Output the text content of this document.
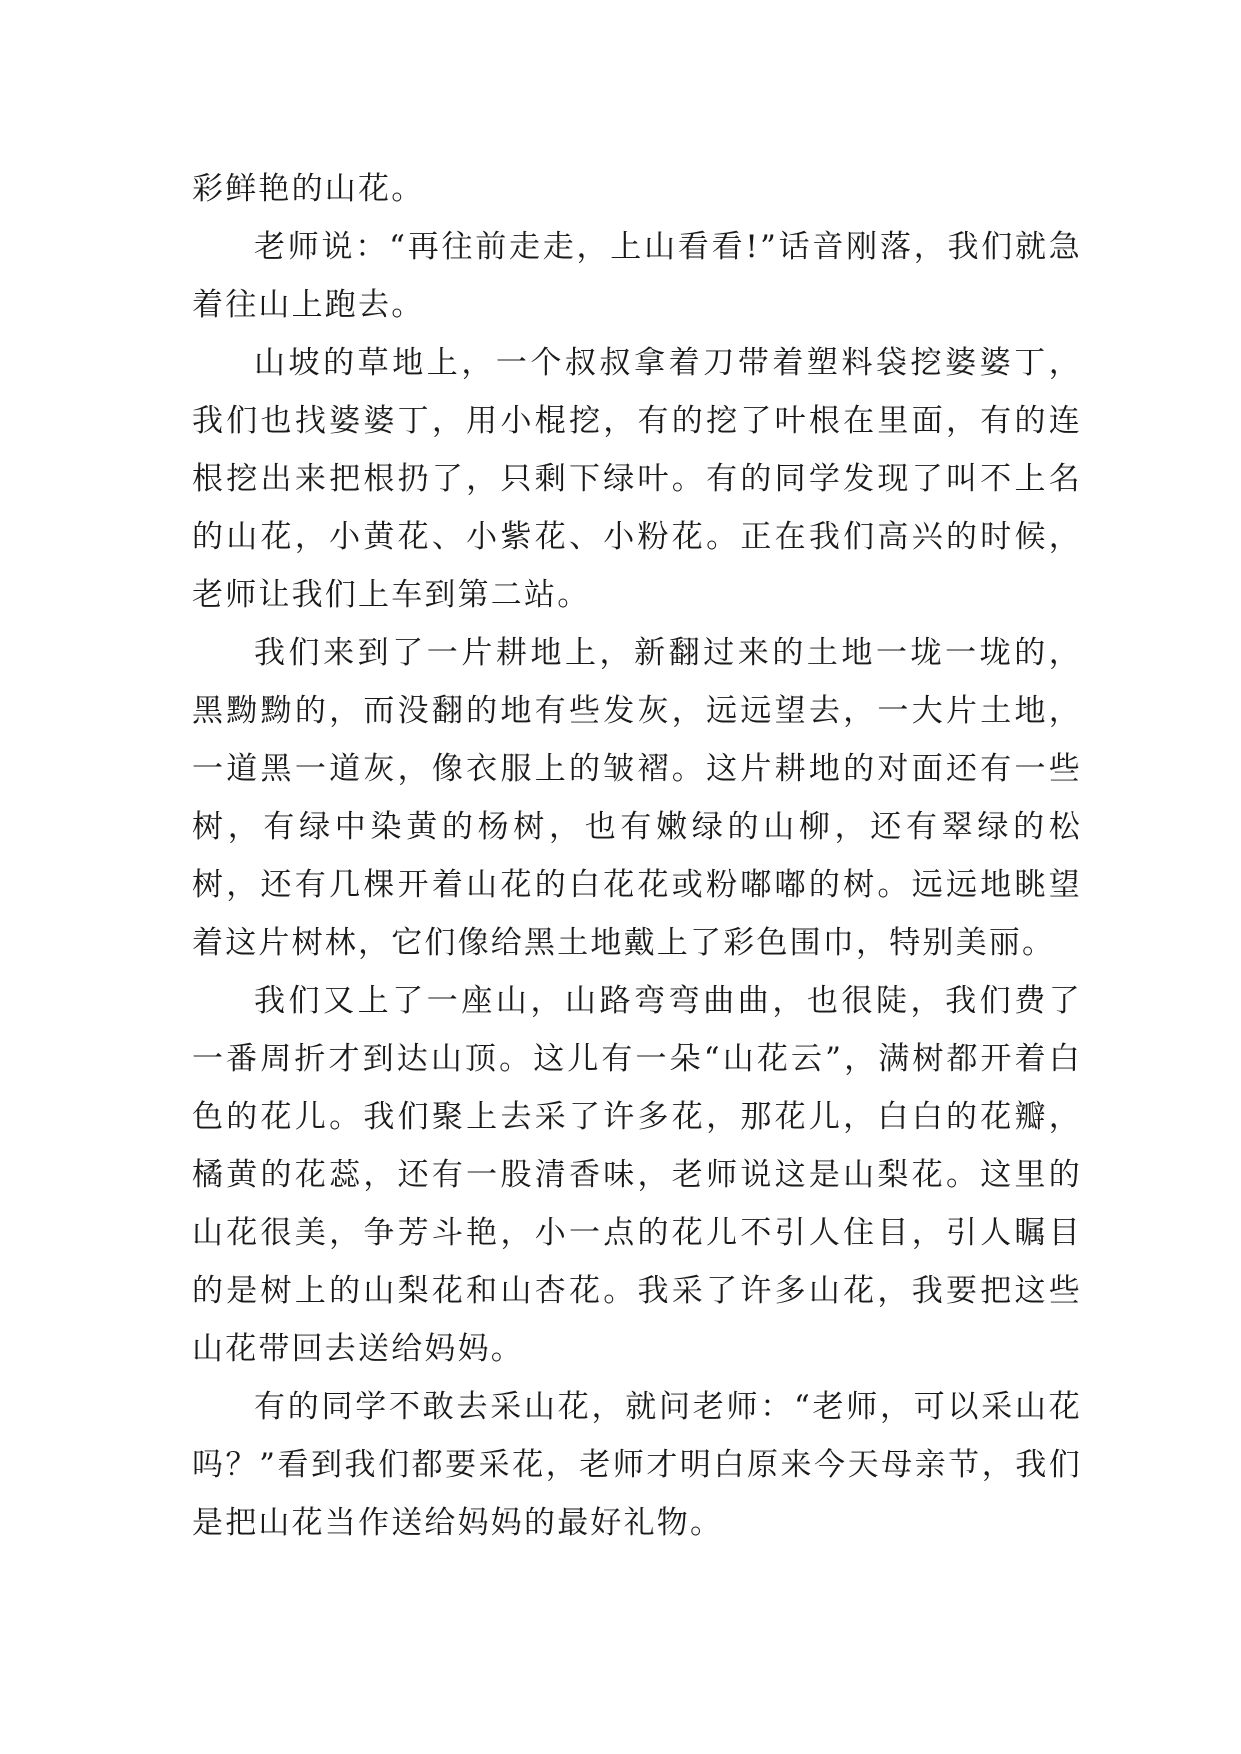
彩鲜艳的山花。

老师说：“再往前走走，上山看看!”话音刚落，我们就急着往山上跑去。

山坡的草地上，一个叔叔拿着刀带着塑料袋挖婆婆丁，我们也找婆婆丁，用小棍挖，有的挖了叶根在里面，有的连根挖出来把根扔了，只剩下绿叶。有的同学发现了叫不上名的山花，小黄花、小紫花、小粉花。正在我们高兴的时候，老师让我们上车到第二站。

我们来到了一片耕地上，新翻过来的土地一垅一垅的，黑黝黝的，而没翻的地有些发灰，远远望去，一大片土地，一道黑一道灰，像衣服上的皱褶。这片耕地的对面还有一些树，有绿中染黄的杨树，也有嫩绿的山柳，还有翠绿的松树，还有几棵开着山花的白花花或粉嘟嘟的树。远远地眺望着这片树林，它们像给黑土地戴上了彩色围巾，特别美丽。

我们又上了一座山，山路弯弯曲曲，也很陡，我们费了一番周折才到达山顶。这儿有一朵“山花云”，满树都开着白色的花儿。我们聚上去采了许多花，那花儿，白白的花瓣，橘黄的花蕊，还有一股清香味，老师说这是山梨花。这里的山花很美，争芳斗艳，小一点的花儿不引人住目，引人瞩目的是树上的山梨花和山杏花。我采了许多山花，我要把这些山花带回去送给妈妈。

有的同学不敢去采山花，就问老师：“老师，可以采山花吗？”看到我们都要采花，老师才明白原来今天母亲节，我们是把山花当作送给妈妈的最好礼物。
